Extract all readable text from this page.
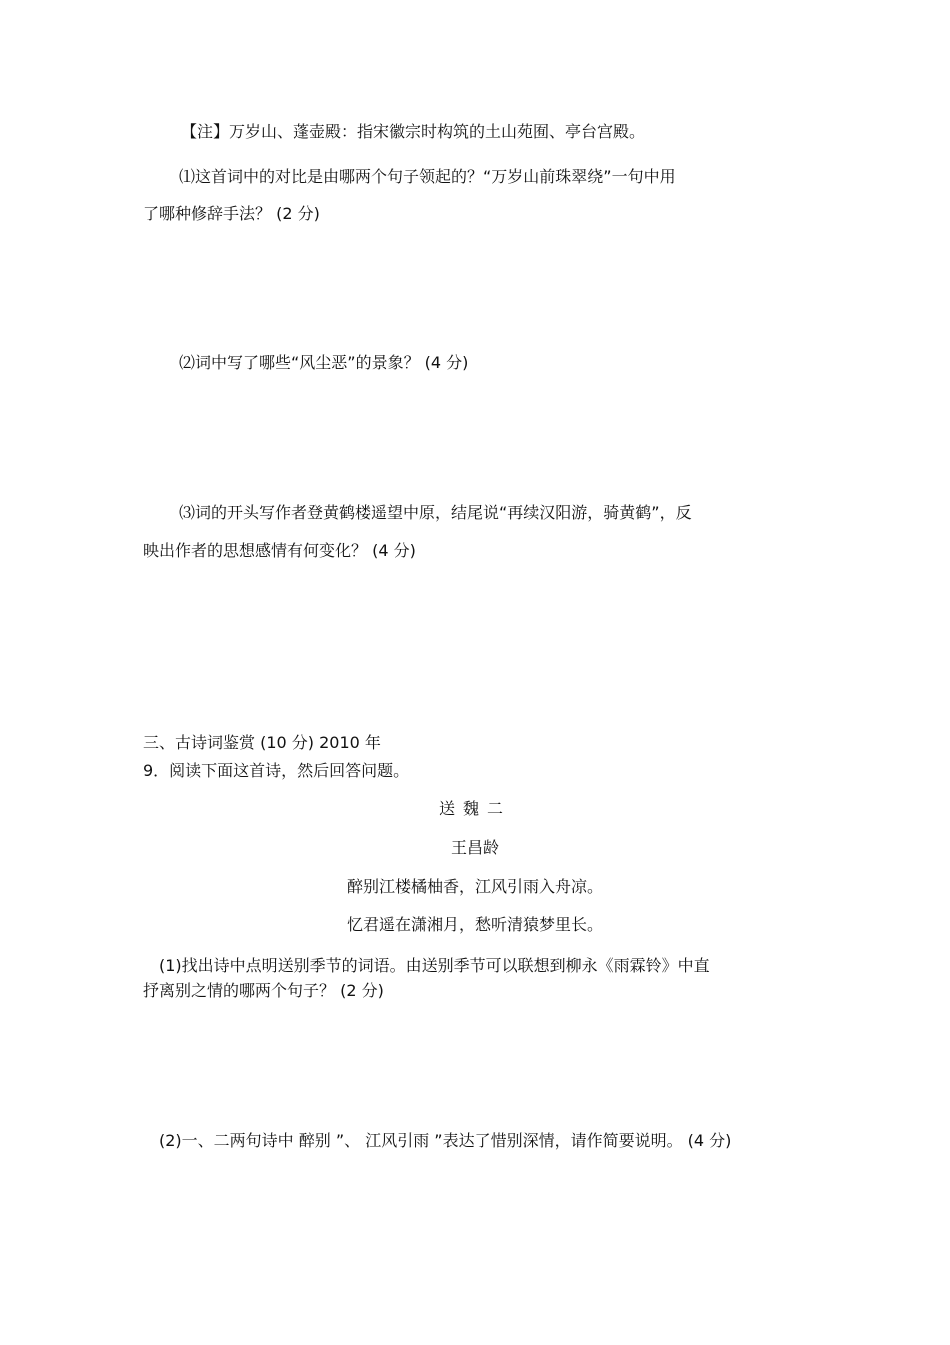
【注】万岁山、蓬壶殿：指宋徽宗时构筑的土山苑囿、亭台宫殿。

⑴这首词中的对比是由哪两个句子领起的？“万岁山前珠翠绕”一句中用

了哪种修辞手法？ (2 分)

⑵词中写了哪些“风尘恶”的景象？ (4 分)

⑶词的开头写作者登黄鹤楼遥望中原，结尾说“再续汉阳游，骑黄鹤”，反

映出作者的思想感情有何变化？ (4 分)

三、古诗词鉴赏 (10 分) 2010 年

9．阅读下面这首诗，然后回答问题。

送魏二

王昌龄

醉别江楼橘柚香，江风引雨入舟凉。

忆君遥在潇湘月，愁听清猿梦里长。

(1)找出诗中点明送别季节的词语。由送别季节可以联想到柳永《雨霖铃》中直

抒离别之情的哪两个句子？ (2 分)

(2)一、二两句诗中 醉别 ”、 江风引雨 ”表达了惜别深情，请作简要说明。 (4 分)
